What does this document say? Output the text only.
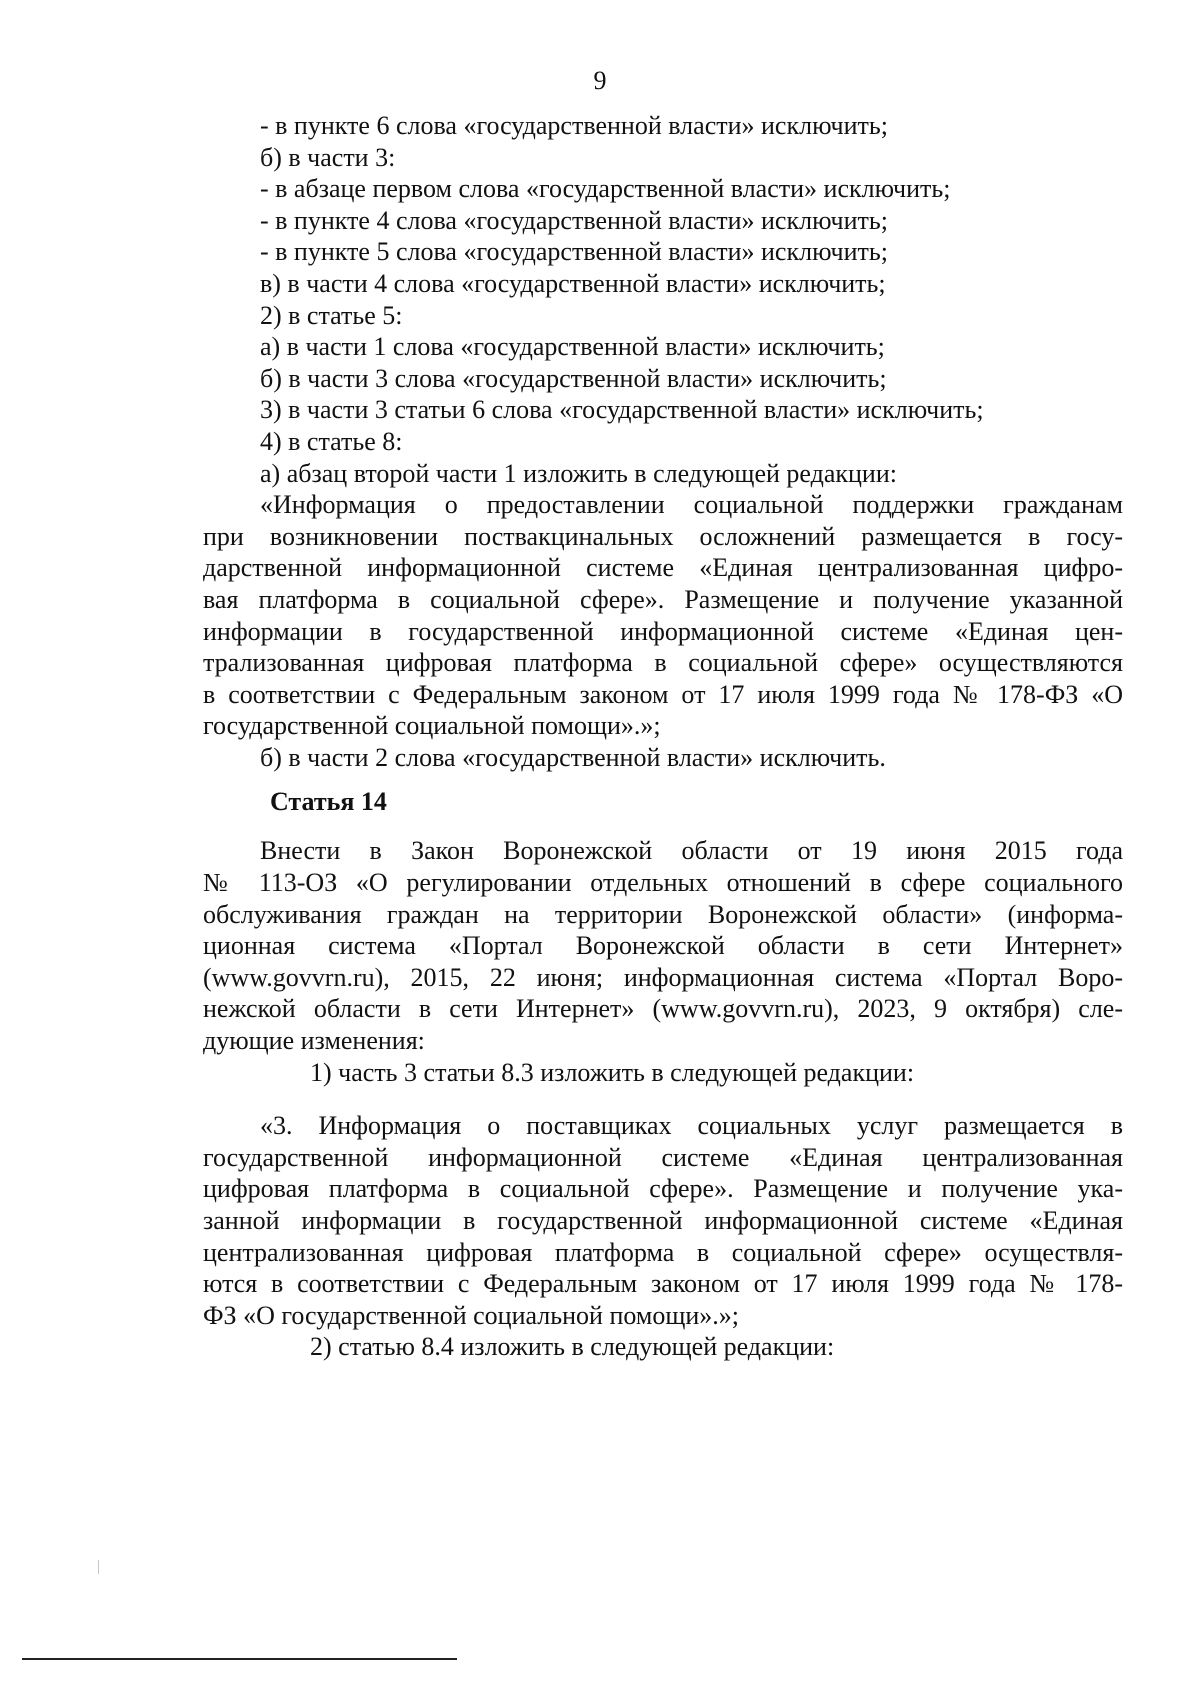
9
- в пункте 6 слова «государственной власти» исключить;
б) в части 3:
- в абзаце первом слова «государственной власти» исключить;
- в пункте 4 слова «государственной власти» исключить;
- в пункте 5 слова «государственной власти» исключить;
в) в части 4 слова «государственной власти» исключить;
2) в статье 5:
а) в части 1 слова «государственной власти» исключить;
б) в части 3 слова «государственной власти» исключить;
3) в части 3 статьи 6 слова «государственной власти» исключить;
4) в статье 8:
а) абзац второй части 1 изложить в следующей редакции:
«Информация о предоставлении социальной поддержки гражданам
при возникновении поствакцинальных осложнений размещается в госу-
дарственной информационной системе «Единая централизованная цифро-
вая платформа в социальной сфере». Размещение и получение указанной
информации в государственной информационной системе «Единая цен-
трализованная цифровая платформа в социальной сфере» осуществляются
в соответствии с Федеральным законом от 17 июля 1999 года № 178-ФЗ «О
государственной социальной помощи».»;
б) в части 2 слова «государственной власти» исключить.
Статья 14
Внести в Закон Воронежской области от 19 июня 2015 года
№ 113-ОЗ «О регулировании отдельных отношений в сфере социального
обслуживания граждан на территории Воронежской области» (информа-
ционная система «Портал Воронежской области в сети Интернет»
(www.govvrn.ru), 2015, 22 июня; информационная система «Портал Воро-
нежской области в сети Интернет» (www.govvrn.ru), 2023, 9 октября) сле-
дующие изменения:
1) часть 3 статьи 8.3 изложить в следующей редакции:
«3. Информация о поставщиках социальных услуг размещается в
государственной информационной системе «Единая централизованная
цифровая платформа в социальной сфере». Размещение и получение ука-
занной информации в государственной информационной системе «Единая
централизованная цифровая платформа в социальной сфере» осуществля-
ются в соответствии с Федеральным законом от 17 июля 1999 года № 178-
ФЗ «О государственной социальной помощи».»;
2) статью 8.4 изложить в следующей редакции:
